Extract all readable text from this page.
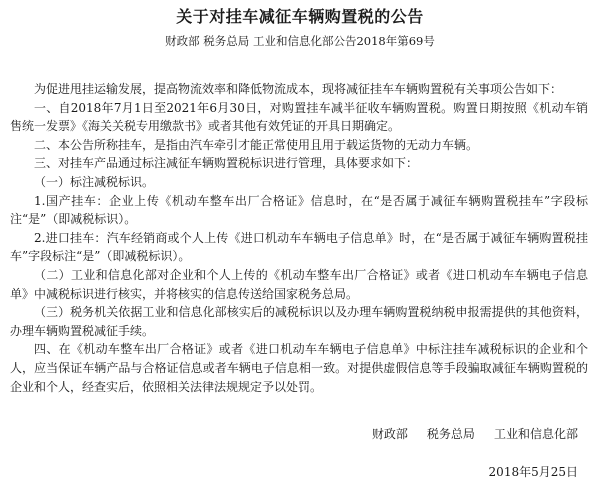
关于对挂车减征车辆购置税的公告
财政部 税务总局 工业和信息化部公告2018年第69号

为促进甩挂运输发展，提高物流效率和降低物流成本，现将减征挂车车辆购置税有关事项公告如下：

一、自2018年7月1日至2021年6月30日，对购置挂车减半征收车辆购置税。购置日期按照《机动车销售统一发票》《海关关税专用缴款书》或者其他有效凭证的开具日期确定。

二、本公告所称挂车，是指由汽车牵引才能正常使用且用于载运货物的无动力车辆。

三、对挂车产品通过标注减征车辆购置税标识进行管理，具体要求如下：

（一）标注减税标识。

1.国产挂车：企业上传《机动车整车出厂合格证》信息时，在“是否属于减征车辆购置税挂车”字段标注“是”（即减税标识）。

2.进口挂车：汽车经销商或个人上传《进口机动车车辆电子信息单》时，在“是否属于减征车辆购置税挂车”字段标注“是”（即减税标识）。

（二）工业和信息化部对企业和个人上传的《机动车整车出厂合格证》或者《进口机动车车辆电子信息单》中减税标识进行核实，并将核实的信息传送给国家税务总局。

（三）税务机关依据工业和信息化部核实后的减税标识以及办理车辆购置税纳税申报需提供的其他资料，办理车辆购置税减征手续。

四、在《机动车整车出厂合格证》或者《进口机动车车辆电子信息单》中标注挂车减税标识的企业和个人，应当保证车辆产品与合格证信息或者车辆电子信息相一致。对提供虚假信息等手段骗取减征车辆购置税的企业和个人，经查实后，依照相关法律法规规定予以处罚。

财政部     税务总局     工业和信息化部
2018年5月25日
